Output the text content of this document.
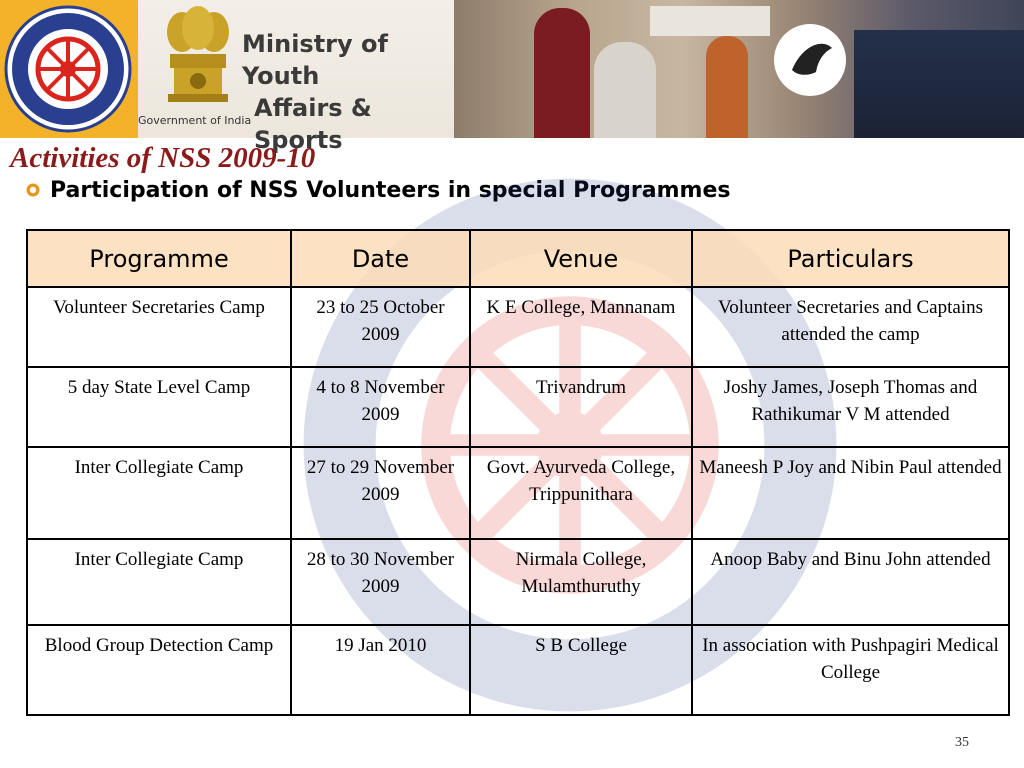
Ministry of Youth
Affairs & Sports
Government of India
Activities of NSS 2009-10
Participation of NSS Volunteers in special Programmes
Programme	Date	Venue	Particulars
Volunteer Secretaries Camp	23 to 25 October 2009	K E College, Mannanam	Volunteer Secretaries and Captains attended the camp
5 day State Level Camp	4 to 8 November 2009	Trivandrum	Joshy James, Joseph Thomas and Rathikumar V M attended
Inter Collegiate Camp	27 to 29 November 2009	Govt. Ayurveda College, Trippunithara	Maneesh P Joy and Nibin Paul attended
Inter Collegiate Camp	28 to 30 November 2009	Nirmala College, Mulamthuruthy	Anoop Baby and Binu John attended
Blood Group Detection Camp	19 Jan 2010	S B College	In association with Pushpagiri Medical College
35
